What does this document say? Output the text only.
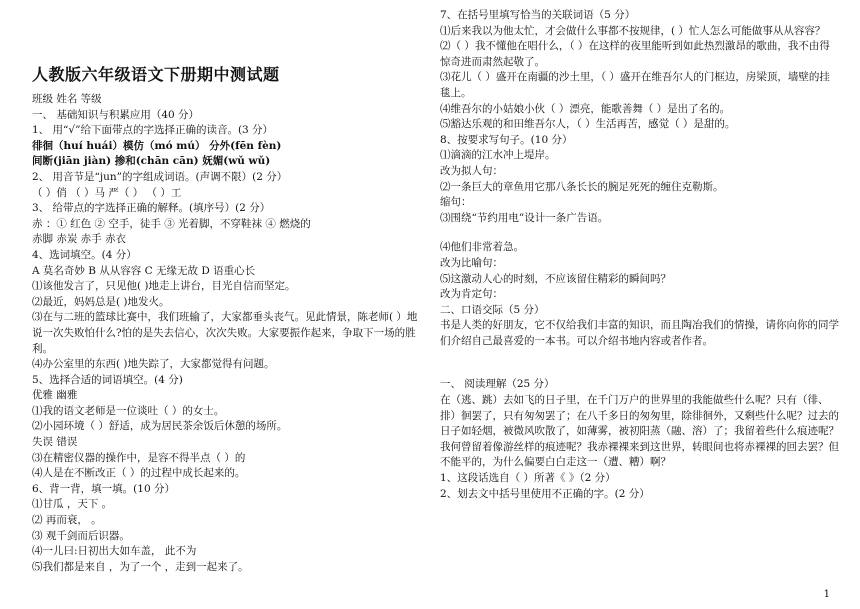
人教版六年级语文下册期中测试题
班级 姓名 等级
一、 基础知识与积累应用（40 分）
1、 用“√”给下面带点的字选择正确的读音。(3 分）
徘徊（huí huái）模仿（mó mú） 分外(fēn fèn)
间断(jiān jiàn) 掺和(chān cān) 妩媚(wǔ wǔ)
2、 用音节是“jun”的字组成词语。(声调不限）(2 分）
（ ）俏 （ ）马 严（ ） （ ）工
3、 给带点的字选择正确的解释。(填序号）(2 分）
赤 ：① 红色 ② 空手，徒手 ③ 光着脚，不穿鞋袜 ④ 燃烧的
赤脚 赤炭 赤手 赤衣
4、选词填空。(4 分）
A 莫名奇妙 B 从从容容 C 无缘无故 D 语重心长
⑴该他发言了，只见他( )地走上讲台，目光自信而坚定。
⑵最近，妈妈总是( )地发火。
⑶在与二班的篮球比赛中，我们班输了，大家都垂头丧气。见此情景，陈老师( ）地说一次失败怕什么?怕的是失去信心，次次失败。大家要振作起来，争取下一场的胜利。
⑷办公室里的东西( )地失踪了，大家都觉得有问题。
5、选择合适的词语填空。(4 分)
优雅 幽雅
⑴我的语文老师是一位谈吐（ ）的女士。
⑵小园环境（ ）舒适，成为居民茶余饭后休憩的场所。
失误 错误
⑶在精密仪器的操作中，是容不得半点（ ）的
⑷人是在不断改正（ ）的过程中成长起来的。
6、背一背，填一填。(10 分）
⑴甘瓜 ，天下 。
⑵ 再而衰， 。
⑶ 观千剑而后识器。
⑷一儿曰:日初出大如车盖， 此不为
⑸我们都是来自 ，为了一个 ，走到一起来了。
7、在括号里填写恰当的关联词语（5 分）
⑴后来我以为他太忙，才会做什么事都不按规律，( ）忙人怎么可能做事从从容容？
⑵（ ）我不懂他在唱什么，（ ）在这样的夜里能听到如此热烈激昂的歌曲，我不由得惊奇进而肃然起敬了。
⑶花儿（ ）盛开在南疆的沙土里，（ ）盛开在维吾尔人的门框边，房梁顶，墙壁的挂毯上。
⑷维吾尔的小姑娘小伙（ ）漂亮，能歌善舞（ ）是出了名的。
⑸豁达乐观的和田维吾尔人，（ ）生活再苦，感觉（ ）是甜的。
8、按要求写句子。(10 分）
⑴滴滴的江水冲上堤岸。
改为拟人句：
⑵一条巨大的章鱼用它那八条长长的腕足死死的缠住克勒斯。
缩句：
⑶围绕“节约用电”设计一条广告语。
⑷他们非常着急。
改为比喻句：
⑸这激动人心的时刻，不应该留住精彩的瞬间吗？
改为肯定句：
二、口语交际（5 分）
书是人类的好朋友，它不仅给我们丰富的知识，而且陶冶我们的情操，请你向你的同学们介绍自己最喜爱的一本书。可以介绍书地内容或者作者。
一、 阅读理解（25 分）
在（逃、跳）去如飞的日子里，在千门万户的世界里的我能做些什么呢？只有（徘、排）徊罢了，只有匆匆罢了；在八千多日的匆匆里，除徘徊外，又剩些什么呢？过去的日子如轻烟，被微风吹散了，如薄雾，被初阳蒸（融、溶）了；我留着些什么痕迹呢？我何曾留着像游丝样的痕迹呢？我赤裸裸来到这世界，转眼间也将赤裸裸的回去罢？但不能平的，为什么偏要白白走这一（遭、糟）啊？
1、这段话选自（ ）所著《 》（2 分）
2、划去文中括号里使用不正确的字。(2 分）
1
